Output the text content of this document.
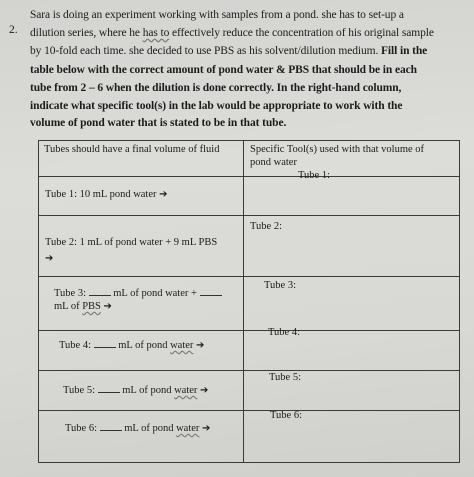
2.
Sara is doing an experiment working with samples from a pond. she has to set-up a
dilution series, where he has to effectively reduce the concentration of his original sample
by 10-fold each time. she decided to use PBS as his solvent/dilution medium. Fill in the
table below with the correct amount of pond water & PBS that should be in each
tube from 2 – 6 when the dilution is done correctly. In the right-hand column,
indicate what specific tool(s) in the lab would be appropriate to work with the
volume of pond water that is stated to be in that tube.
Tubes should have a final volume of fluid	Specific Tool(s) used with that volume of
pond water

Tube 1: 10 mL pond water ➔	Tube 1:

Tube 2: 1 mL of pond water + 9 mL PBS
➔	Tube 2:

Tube 3: mL of pond water +
mL of PBS ➔	Tube 3:

Tube 4: mL of pond water ➔	Tube 4:

Tube 5: mL of pond water ➔	Tube 5:

Tube 6: mL of pond water ➔	Tube 6:
